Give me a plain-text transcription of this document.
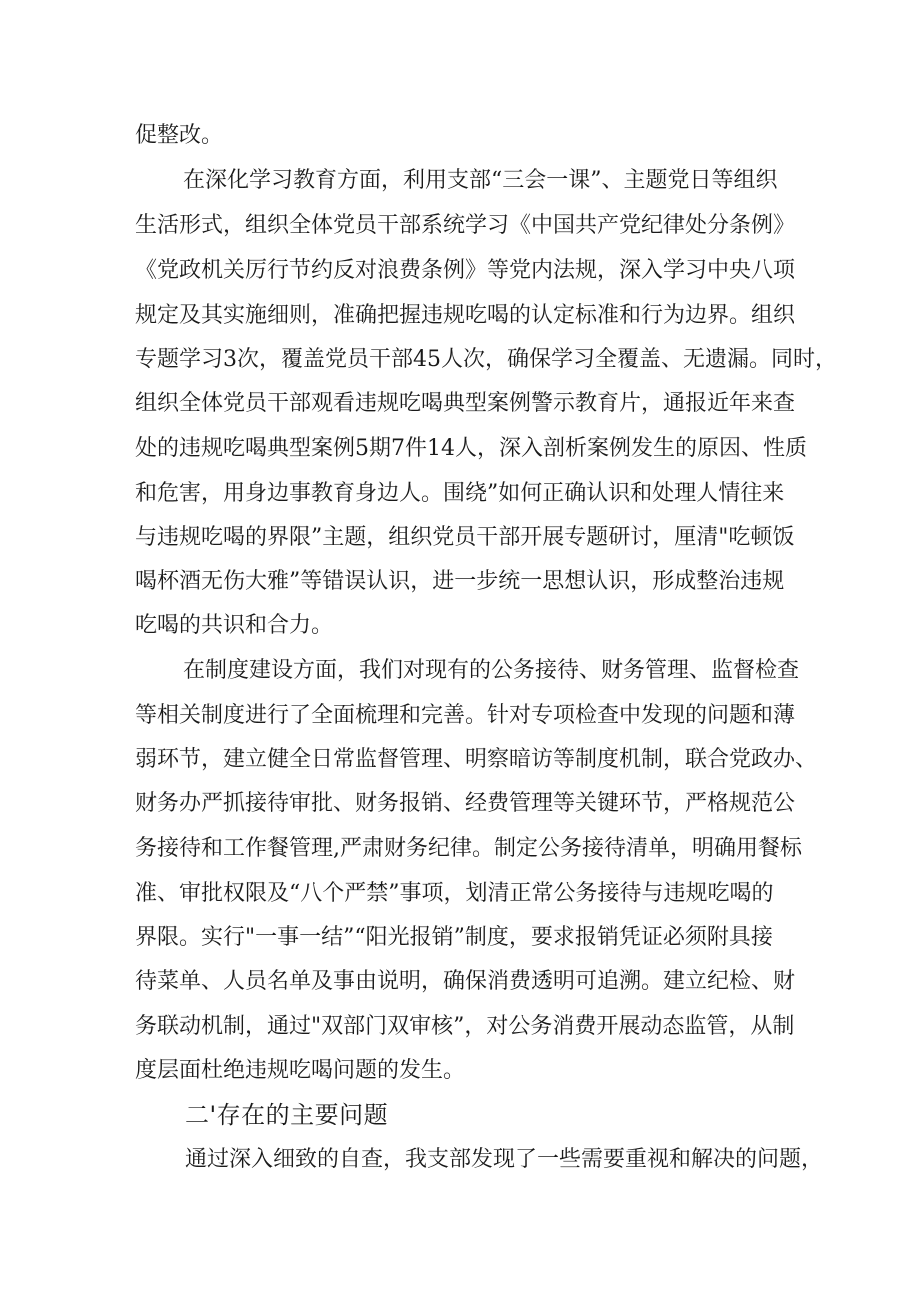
促整改。
在深化学习教育方面，利用支部“三会一课”、主题党日等组织
生活形式，组织全体党员干部系统学习《中国共产党纪律处分条例》
《党政机关厉行节约反对浪费条例》等党内法规，深入学习中央八项
规定及其实施细则，准确把握违规吃喝的认定标准和行为边界。组织
专题学习3次，覆盖党员干部45人次，确保学习全覆盖、无遗漏。同时，
组织全体党员干部观看违规吃喝典型案例警示教育片，通报近年来查
处的违规吃喝典型案例5期7件14人，深入剖析案例发生的原因、性质
和危害，用身边事教育身边人。围绕”如何正确认识和处理人情往来
与违规吃喝的界限”主题，组织党员干部开展专题研讨，厘清"吃顿饭
喝杯酒无伤大雅”等错误认识，进一步统一思想认识，形成整治违规
吃喝的共识和合力。
在制度建设方面，我们对现有的公务接待、财务管理、监督检查
等相关制度进行了全面梳理和完善。针对专项检查中发现的问题和薄
弱环节，建立健全日常监督管理、明察暗访等制度机制，联合党政办、
财务办严抓接待审批、财务报销、经费管理等关键环节，严格规范公
务接待和工作餐管理,严肃财务纪律。制定公务接待清单，明确用餐标
准、审批权限及“八个严禁”事项，划清正常公务接待与违规吃喝的
界限。实行"一事一结”“阳光报销”制度，要求报销凭证必须附具接
待菜单、人员名单及事由说明，确保消费透明可追溯。建立纪检、财
务联动机制，通过"双部门双审核”，对公务消费开展动态监管，从制
度层面杜绝违规吃喝问题的发生。
二'存在的主要问题
通过深入细致的自查，我支部发现了一些需要重视和解决的问题，
